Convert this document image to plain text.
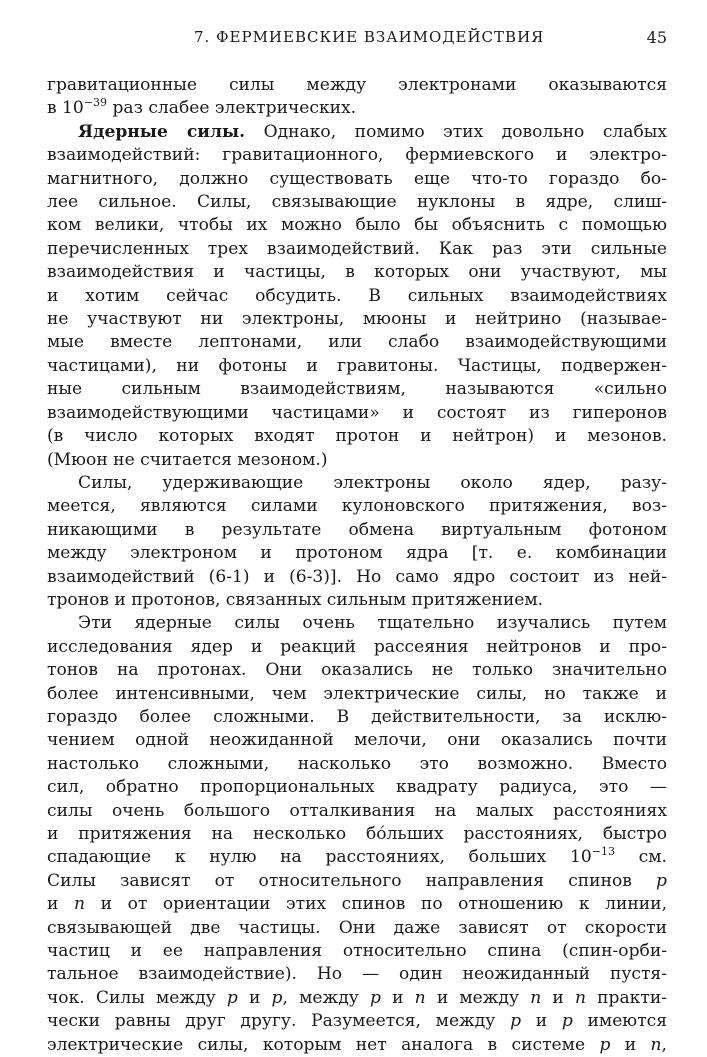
7. ФЕРМИЕВСКИЕ ВЗАИМОДЕЙСТВИЯ	45

гравитационные силы между электронами оказываются
в $10^{-39}$ раз слабее электрических.

Ядерные силы. Однако, помимо этих довольно слабых
взаимодействий: гравитационного, фермиевского и электро-
магнитного, должно существовать еще что-то гораздо бо-
лее сильное. Силы, связывающие нуклоны в ядре, слиш-
ком велики, чтобы их можно было бы объяснить с помощью
перечисленных трех взаимодействий. Как раз эти сильные
взаимодействия и частицы, в которых они участвуют, мы
и хотим сейчас обсудить. В сильных взаимодействиях
не участвуют ни электроны, мюоны и нейтрино (называе-
мые вместе лептонами, или слабо взаимодействующими
частицами), ни фотоны и гравитоны. Частицы, подвержен-
ные сильным взаимодействиям, называются «сильно
взаимодействующими частицами» и состоят из гиперонов
(в число которых входят протон и нейтрон) и мезонов.
(Мюон не считается мезоном.)

Силы, удерживающие электроны около ядер, разу-
меется, являются силами кулоновского притяжения, воз-
никающими в результате обмена виртуальным фотоном
между электроном и протоном ядра [т. е. комбинации
взаимодействий (6-1) и (6-3)]. Но само ядро состоит из ней-
тронов и протонов, связанных сильным притяжением.

Эти ядерные силы очень тщательно изучались путем
исследования ядер и реакций рассеяния нейтронов и про-
тонов на протонах. Они оказались не только значительно
более интенсивными, чем электрические силы, но также и
гораздо более сложными. В действительности, за исклю-
чением одной неожиданной мелочи, они оказались почти
настолько сложными, насколько это возможно. Вместо
сил, обратно пропорциональных квадрату радиуса, это —
силы очень большого отталкивания на малых расстояниях
и притяжения на несколько бо́льших расстояниях, быстро
спадающие к нулю на расстояниях, больших $10^{-13}$ см.
Силы зависят от относительного направления спинов p
и n и от ориентации этих спинов по отношению к линии,
связывающей две частицы. Они даже зависят от скорости
частиц и ее направления относительно спина (спин-орби-
тальное взаимодействие). Но — один неожиданный пустя-
чок. Силы между p и p, между p и n и между n и n практи-
чески равны друг другу. Разумеется, между p и p имеются
электрические силы, которым нет аналога в системе p и n,
